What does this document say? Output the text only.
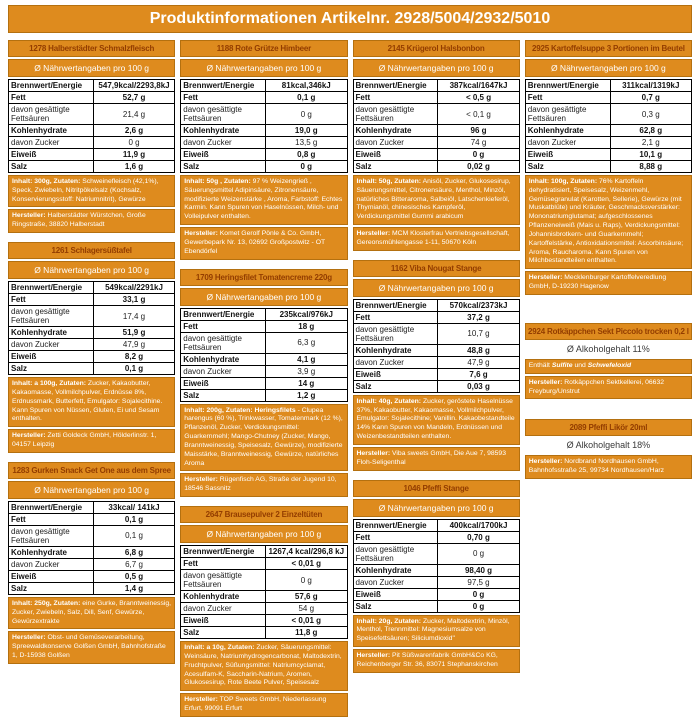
Produktinformationen Artikelnr. 2928/5004/2932/5010
1278 Halberstädter Schmalzfleisch
Ø Nährwertangaben pro 100 g
Brennwert/Energie	547,9kcal/2293,8kJ
Fett	52,7 g
davon gesättigte Fettsäuren	21,4 g
Kohlenhydrate	2,6 g
davon Zucker	0 g
Eiweiß	11,9 g
Salz	1,6 g
Inhalt: 300g, Zutaten: Schweinefleisch (42,1%), Speck, Zwiebeln, Nitritpökelsalz (Kochsalz, Konservierungsstoff: Natriumnitrit), Gewürze
Hersteller: Halberstädter Würstchen, Große Ringstraße, 38820 Halberstadt
1261 Schlagersüßtafel
Ø Nährwertangaben pro 100 g
Brennwert/Energie	549kcal/2291kJ
Fett	33,1 g
davon gesättigte Fettsäuren	17,4 g
Kohlenhydrate	51,9 g
davon Zucker	47,9 g
Eiweiß	8,2 g
Salz	0,1 g
Inhalt: a 100g, Zutaten: Zucker, Kakaobutter, Kakaomasse, Vollmilchpulver, Erdnüsse 8%, Erdnussmark, Butterfett, Emulgator: Sojalecithine. Kann Spuren von Nüssen, Gluten, Ei und Sesam enthalten.
Hersteller: Zetti Goldeck GmbH, Hölderlinstr. 1, 04157 Leipzig
1283 Gurken Snack Get One aus dem Spree
Ø Nährwertangaben pro 100 g
Brennwert/Energie	33kcal/ 141kJ
Fett	0,1 g
davon gesättigte Fettsäuren	0,1 g
Kohlenhydrate	6,8 g
davon Zucker	6,7 g
Eiweiß	0,5 g
Salz	1,4 g
Inhalt: 250g, Zutaten: eine Gurke, Branntweinessig, Zucker, Zwiebeln, Salz, Dill, Senf, Gewürze, Gewürzextrakte
Hersteller: Obst- und Gemüseverarbeitung, Spreewaldkonserve Golßen GmbH, Bahnhofstraße 1, D-15938 Golßen
1188 Rote Grütze Himbeer
Ø Nährwertangaben pro 100 g
Brennwert/Energie	81kcal,346kJ
Fett	0,1 g
davon gesättigte Fettsäuren	0 g
Kohlenhydrate	19,0 g
davon Zucker	13,5 g
Eiweiß	0,8 g
Salz	0 g
Inhalt: 50g , Zutaten: 97 % Weizengrieß , Säuerungsmittel Adipinsäure, Zitronensäure, modifizierte Weizenstärke , Aroma, Farbstoff: Echtes Karmin. Kann Spuren von Haselnüssen, Milch- und Volleipulver enthalten.
Hersteller: Komet Gerolf Pönle & Co. GmbH, Gewerbepark Nr. 13, 02692 Großpostwitz - OT Ebendörfel
1709 Heringsfilet Tomatencreme 220g
Ø Nährwertangaben pro 100 g
Brennwert/Energie	235kcal/976kJ
Fett	18 g
davon gesättigte Fettsäuren	6,3 g
Kohlenhydrate	4,1 g
davon Zucker	3,9 g
Eiweiß	14 g
Salz	1,2 g
Inhalt: 200g, Zutaten: Heringsfilets - Clupea harengus (60 %), Trinkwasser, Tomatenmark (12 %), Pflanzenöl, Zucker, Verdickungsmittel: Guarkernmehl; Mango-Chutney (Zucker, Mango, Branntweinessig, Speisesalz, Gewürze), modifizierte Maisstärke, Branntweinessig, Gewürze, natürliches Aroma
Hersteller: Rügenfisch AG, Straße der Jugend 10, 18546 Sassnitz
2647 Brausepulver 2 Einzeltüten
Ø Nährwertangaben pro 100 g
Brennwert/Energie	1267,4 kcal/296,8 kJ
Fett	< 0,01 g
davon gesättigte Fettsäuren	0 g
Kohlenhydrate	57,6 g
davon Zucker	54 g
Eiweiß	< 0,01 g
Salz	11,8 g
Inhalt: a 10g, Zutaten: Zucker, Säuerungsmittel: Weinsäure, Natriumhydrogencarbonat, Maltodextrin, Fruchtpulver, Süßungsmittel: Natriumcyclamat, Acesulfam-K, Saccharin-Natrium, Aromen, Glukosesirup, Rote Beete Pulver, Speisesalz
Hersteller: TOP Sweets GmbH, Niederlassung Erfurt, 99091 Erfurt
2145 Krügerol Halsbonbon
Ø Nährwertangaben pro 100 g
Brennwert/Energie	387kcal/1647kJ
Fett	< 0,5 g
davon gesättigte Fettsäuren	< 0,1 g
Kohlenhydrate	96 g
davon Zucker	74 g
Eiweiß	0 g
Salz	0,02 g
Inhalt: 50g, Zutaten: Anisöl, Zucker, Glukosesirup, Säuerungsmittel, Citronensäure, Menthol, Minzöl, natürliches Bitteraroma, Salbeiöl, Latschenkieferöl, Thymianöl, chinesisches Kampferöl, Verdickungsmittel Gummi arabicum
Hersteller: MCM Klosterfrau Vertriebsgesellschaft, Gereonsmühlengasse 1-11, 50670 Köln
1162 Viba Nougat Stange
Ø Nährwertangaben pro 100 g
Brennwert/Energie	570kcal/2373kJ
Fett	37,2 g
davon gesättigte Fettsäuren	10,7 g
Kohlenhydrate	48,8 g
davon Zucker	47,9 g
Eiweiß	7,6 g
Salz	0,03 g
Inhalt: 40g, Zutaten: Zucker, geröstete Haselnüsse 37%, Kakaobutter, Kakaomasse, Vollmilchpulver, Emulgator: Sojalecithine; Vanillin. Kakaobestandteile 14% Kann Spuren von Mandeln, Erdnüssen und Weizenbestandteilen enthalten.
Hersteller: Viba sweets GmbH, Die Aue 7, 98593 Floh-Seligenthal
1046 Pfeffi Stange
Ø Nährwertangaben pro 100 g
Brennwert/Energie	400kcal/1700kJ
Fett	0,70 g
davon gesättigte Fettsäuren	0 g
Kohlenhydrate	98,40 g
davon Zucker	97,5 g
Eiweiß	0 g
Salz	0 g
Inhalt: 20g, Zutaten: Zucker, Maltodextrin, Minzöl, Menthol, Trennmittel: Magnesiumsalze von Speisefettsäuren; Siliciumdioxid"
Hersteller: Pit Süßwarenfabrik GmbH&Co KG, Reichenberger Str. 36, 83071 Stephanskirchen
2925 Kartoffelsuppe 3 Portionen im Beutel
Ø Nährwertangaben pro 100 g
Brennwert/Energie	311kcal/1319kJ
Fett	0,7 g
davon gesättigte Fettsäuren	0,3 g
Kohlenhydrate	62,8 g
davon Zucker	2,1 g
Eiweiß	10,1 g
Salz	8,88 g
Inhalt: 100g, Zutaten: 76% Kartoffeln dehydratisiert, Speisesalz, Weizenmehl, Gemüsegranulat (Karotten, Sellerie), Gewürze (mit Muskatblüte) und Kräuter, Geschmacksverstärker: Mononatriumglutamat; aufgeschlossenes Pflanzeneiweiß (Mais u. Raps), Verdickungsmittel: Johannisbrotkern- und Guarkernmehl; Kartoffelstärke, Antioxidationsmittel: Ascorbinsäure; Aroma, Raucharoma. Kann Spuren von Milchbestandteilen enthalten.
Hersteller: Mecklenburger Kartoffelveredlung GmbH, D-19230 Hagenow
2924 Rotkäppchen Sekt Piccolo trocken 0,2 l
Ø Alkoholgehalt 11%
Enthält Sulfite und Schwefeloxid
Hersteller: Rotkäppchen Sektkellerei, 06632 Freyburg/Unstrut
2089 Pfeffi Likör 20ml
Ø Alkoholgehalt 18%
Hersteller: Nordbrand Nordhausen GmbH, Bahnhofsstraße 25, 99734 Nordhausen/Harz
